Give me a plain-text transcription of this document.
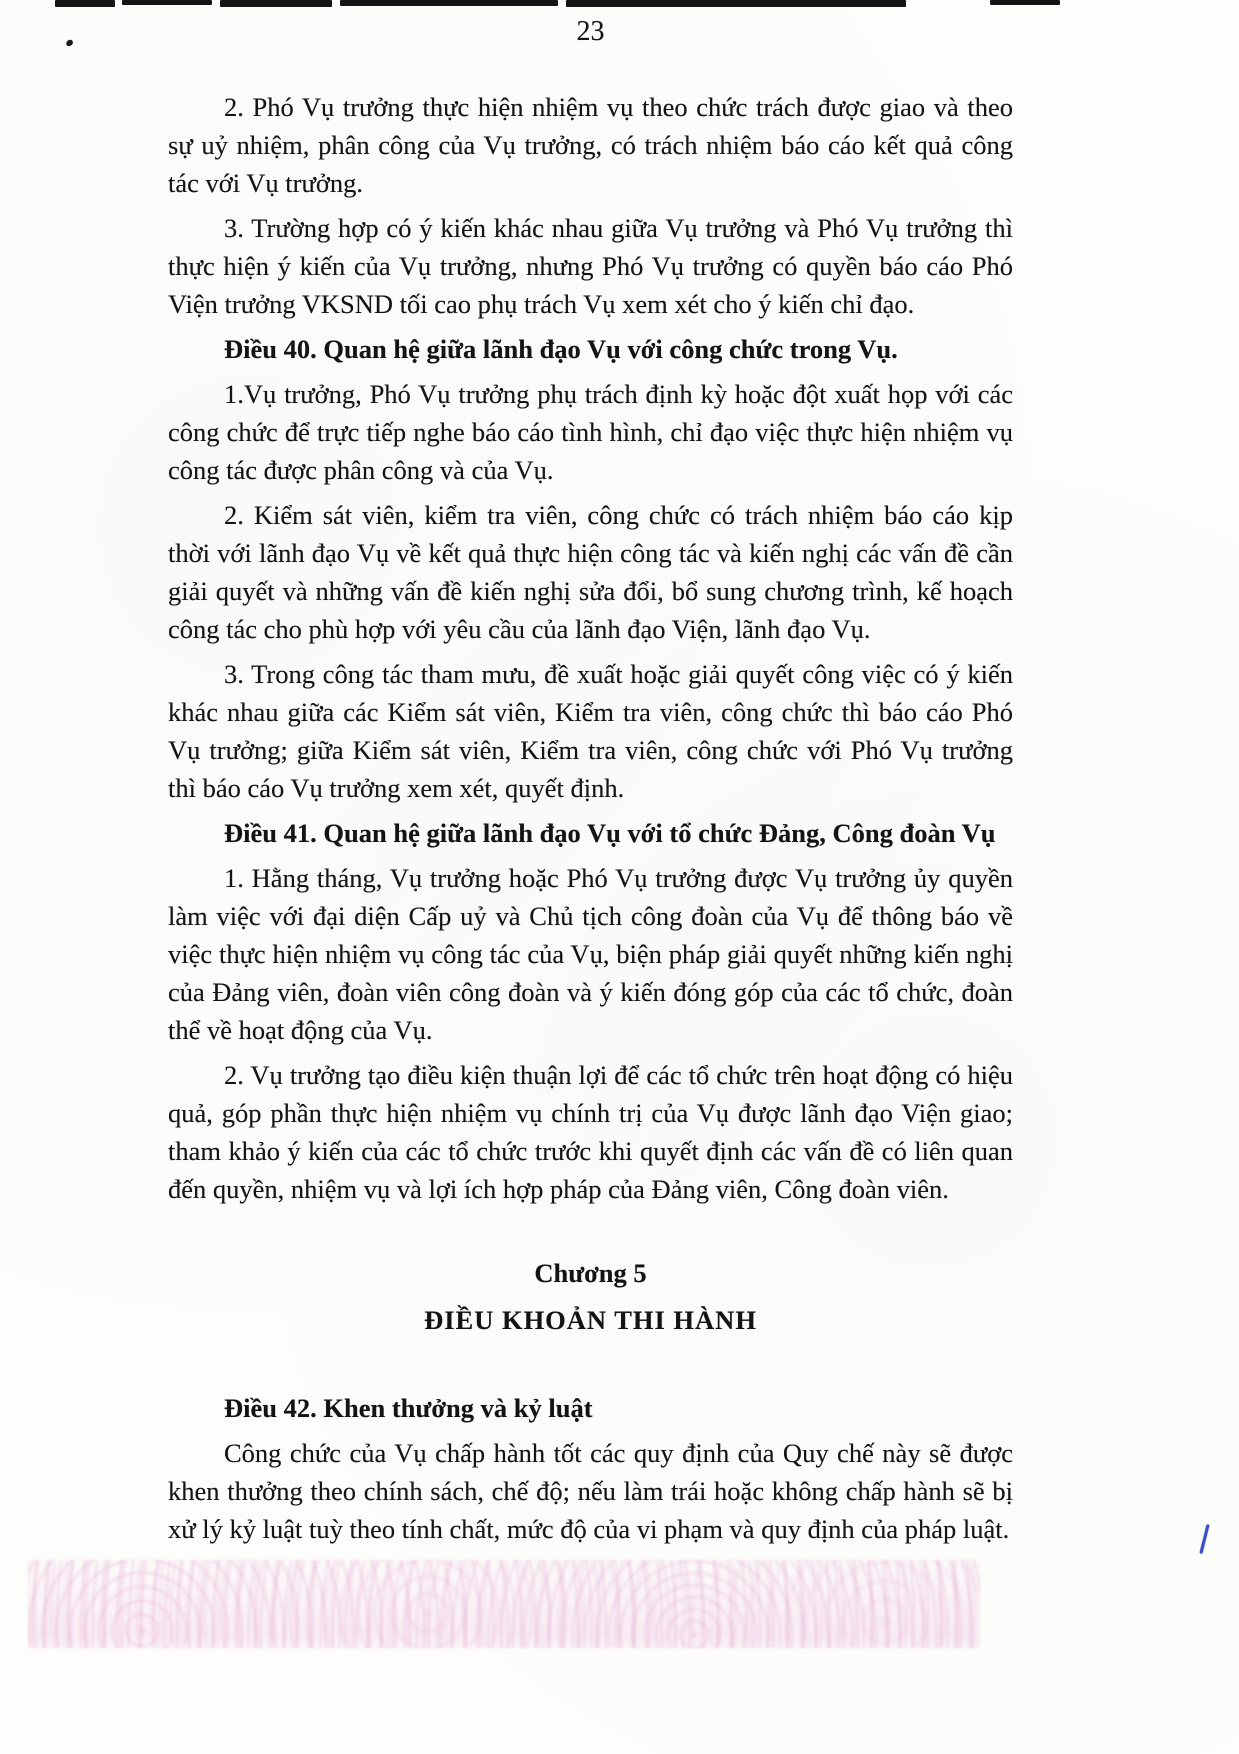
23

2. Phó Vụ trưởng thực hiện nhiệm vụ theo chức trách được giao và theo sự uỷ nhiệm, phân công của Vụ trưởng, có trách nhiệm báo cáo kết quả công tác với Vụ trưởng.

3. Trường hợp có ý kiến khác nhau giữa Vụ trưởng và Phó Vụ trưởng thì thực hiện ý kiến của Vụ trưởng, nhưng Phó Vụ trưởng có quyền báo cáo Phó Viện trưởng VKSND tối cao phụ trách Vụ xem xét cho ý kiến chỉ đạo.

Điều 40. Quan hệ giữa lãnh đạo Vụ với công chức trong Vụ.

1.Vụ trưởng, Phó Vụ trưởng phụ trách định kỳ hoặc đột xuất họp với các công chức để trực tiếp nghe báo cáo tình hình, chỉ đạo việc thực hiện nhiệm vụ công tác được phân công và của Vụ.

2. Kiểm sát viên, kiểm tra viên, công chức có trách nhiệm báo cáo kịp thời với lãnh đạo Vụ về kết quả thực hiện công tác và kiến nghị các vấn đề cần giải quyết và những vấn đề kiến nghị sửa đổi, bổ sung chương trình, kế hoạch công tác cho phù hợp với yêu cầu của lãnh đạo Viện, lãnh đạo Vụ.

3. Trong công tác tham mưu, đề xuất hoặc giải quyết công việc có ý kiến khác nhau giữa các Kiểm sát viên, Kiểm tra viên, công chức thì báo cáo Phó Vụ trưởng; giữa Kiểm sát viên, Kiểm tra viên, công chức với Phó Vụ trưởng thì báo cáo Vụ trưởng xem xét, quyết định.

Điều 41. Quan hệ giữa lãnh đạo Vụ với tổ chức Đảng, Công đoàn Vụ

1. Hằng tháng, Vụ trưởng hoặc Phó Vụ trưởng được Vụ trưởng ủy quyền làm việc với đại diện Cấp uỷ và Chủ tịch công đoàn của Vụ để thông báo về việc thực hiện nhiệm vụ công tác của Vụ, biện pháp giải quyết những kiến nghị của Đảng viên, đoàn viên công đoàn và ý kiến đóng góp của các tổ chức, đoàn thể về hoạt động của Vụ.

2. Vụ trưởng tạo điều kiện thuận lợi để các tổ chức trên hoạt động có hiệu quả, góp phần thực hiện nhiệm vụ chính trị của Vụ được lãnh đạo Viện giao; tham khảo ý kiến của các tổ chức trước khi quyết định các vấn đề có liên quan đến quyền, nhiệm vụ và lợi ích hợp pháp của Đảng viên, Công đoàn viên.

Chương 5

ĐIỀU KHOẢN THI HÀNH

Điều 42. Khen thưởng và kỷ luật

Công chức của Vụ chấp hành tốt các quy định của Quy chế này sẽ được khen thưởng theo chính sách, chế độ; nếu làm trái hoặc không chấp hành sẽ bị xử lý kỷ luật tuỳ theo tính chất, mức độ của vi phạm và quy định của pháp luật.
